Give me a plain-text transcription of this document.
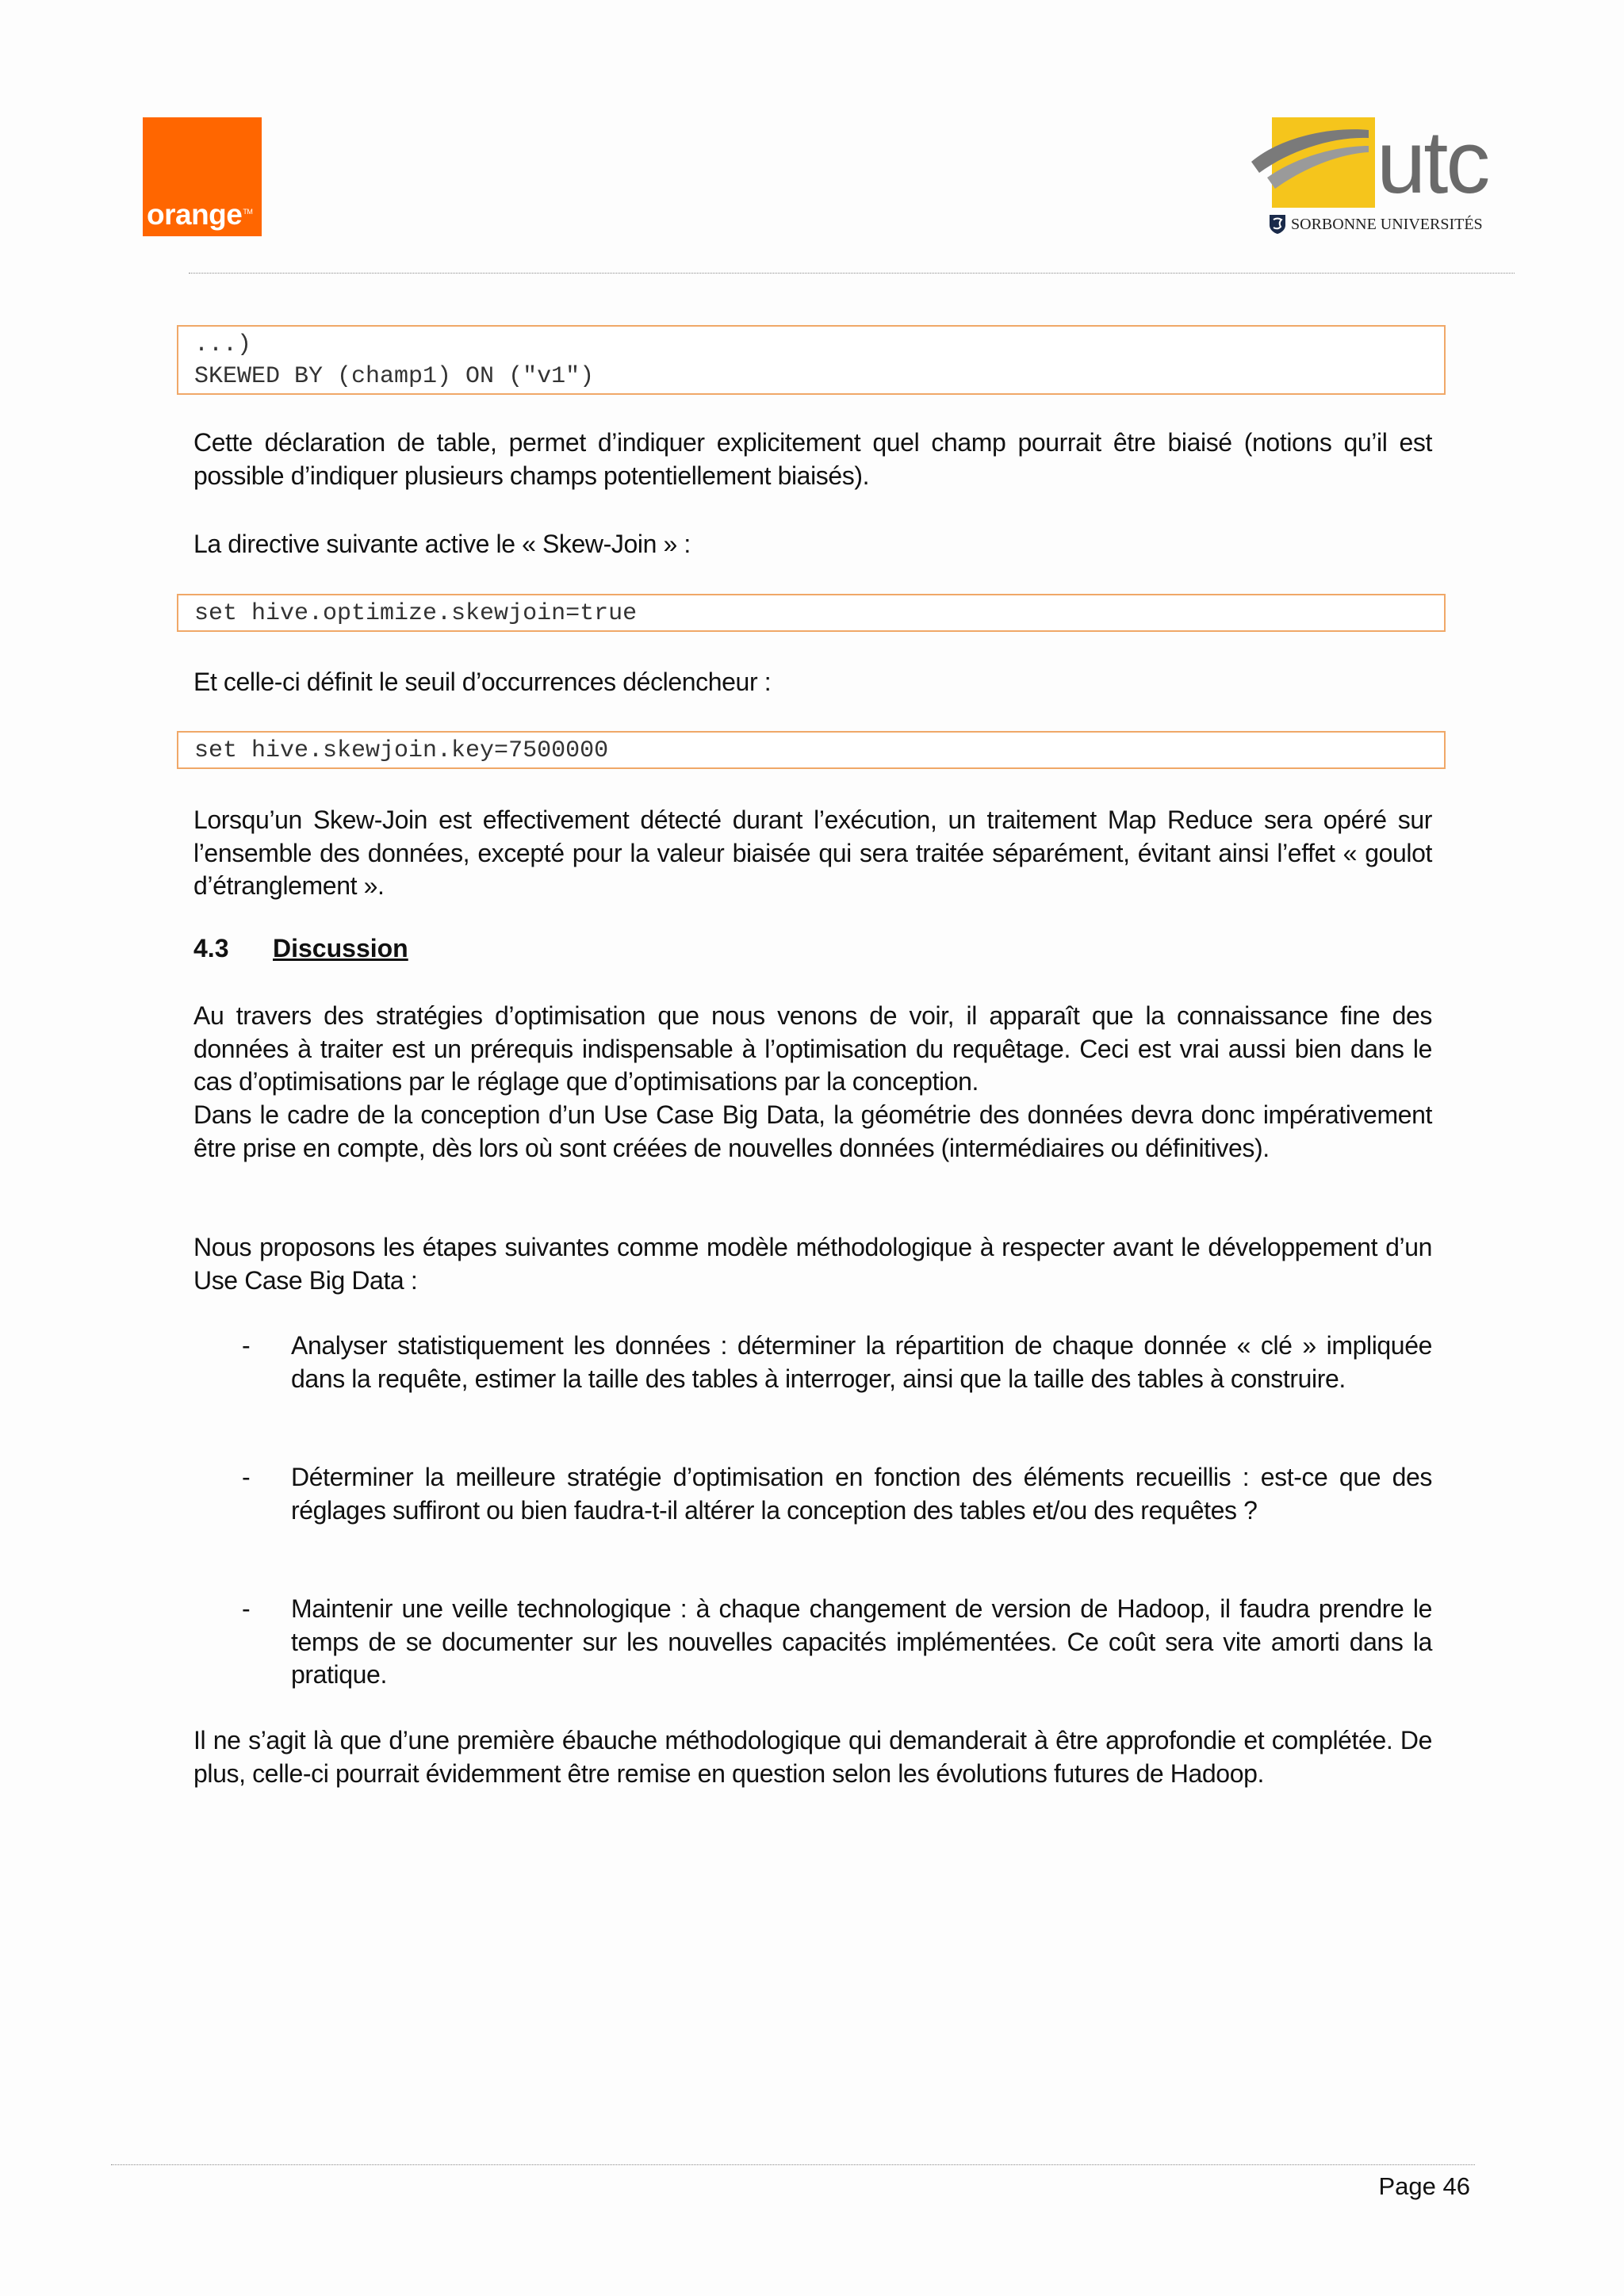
orange™	utc
SORBONNE UNIVERSITÉS
...)
SKEWED BY (champ1) ON ("v1")

Cette déclaration de table, permet d’indiquer explicitement quel champ pourrait être biaisé (notions qu’il est possible d’indiquer plusieurs champs potentiellement biaisés).

La directive suivante active le « Skew-Join » :

set hive.optimize.skewjoin=true

Et celle-ci définit le seuil d’occurrences déclencheur :

set hive.skewjoin.key=7500000

Lorsqu’un Skew-Join est effectivement détecté durant l’exécution, un traitement Map Reduce sera opéré sur l’ensemble des données, excepté pour la valeur biaisée qui sera traitée séparément, évitant ainsi l’effet « goulot d’étranglement ».

4.3 Discussion

Au travers des stratégies d’optimisation que nous venons de voir, il apparaît que la connaissance fine des données à traiter est un prérequis indispensable à l’optimisation du requêtage. Ceci est vrai aussi bien dans le cas d’optimisations par le réglage que d’optimisations par la conception.

Dans le cadre de la conception d’un Use Case Big Data, la géométrie des données devra donc impérativement être prise en compte, dès lors où sont créées de nouvelles données (intermédiaires ou définitives).

Nous proposons les étapes suivantes comme modèle méthodologique à respecter avant le développement d’un Use Case Big Data :

- Analyser statistiquement les données : déterminer la répartition de chaque donnée « clé » impliquée dans la requête, estimer la taille des tables à interroger, ainsi que la taille des tables à construire.
- Déterminer la meilleure stratégie d’optimisation en fonction des éléments recueillis : est-ce que des réglages suffiront ou bien faudra-t-il altérer la conception des tables et/ou des requêtes ?
- Maintenir une veille technologique : à chaque changement de version de Hadoop, il faudra prendre le temps de se documenter sur les nouvelles capacités implémentées. Ce coût sera vite amorti dans la pratique.

Il ne s’agit là que d’une première ébauche méthodologique qui demanderait à être approfondie et complétée. De plus, celle-ci pourrait évidemment être remise en question selon les évolutions futures de Hadoop.

Page 46
